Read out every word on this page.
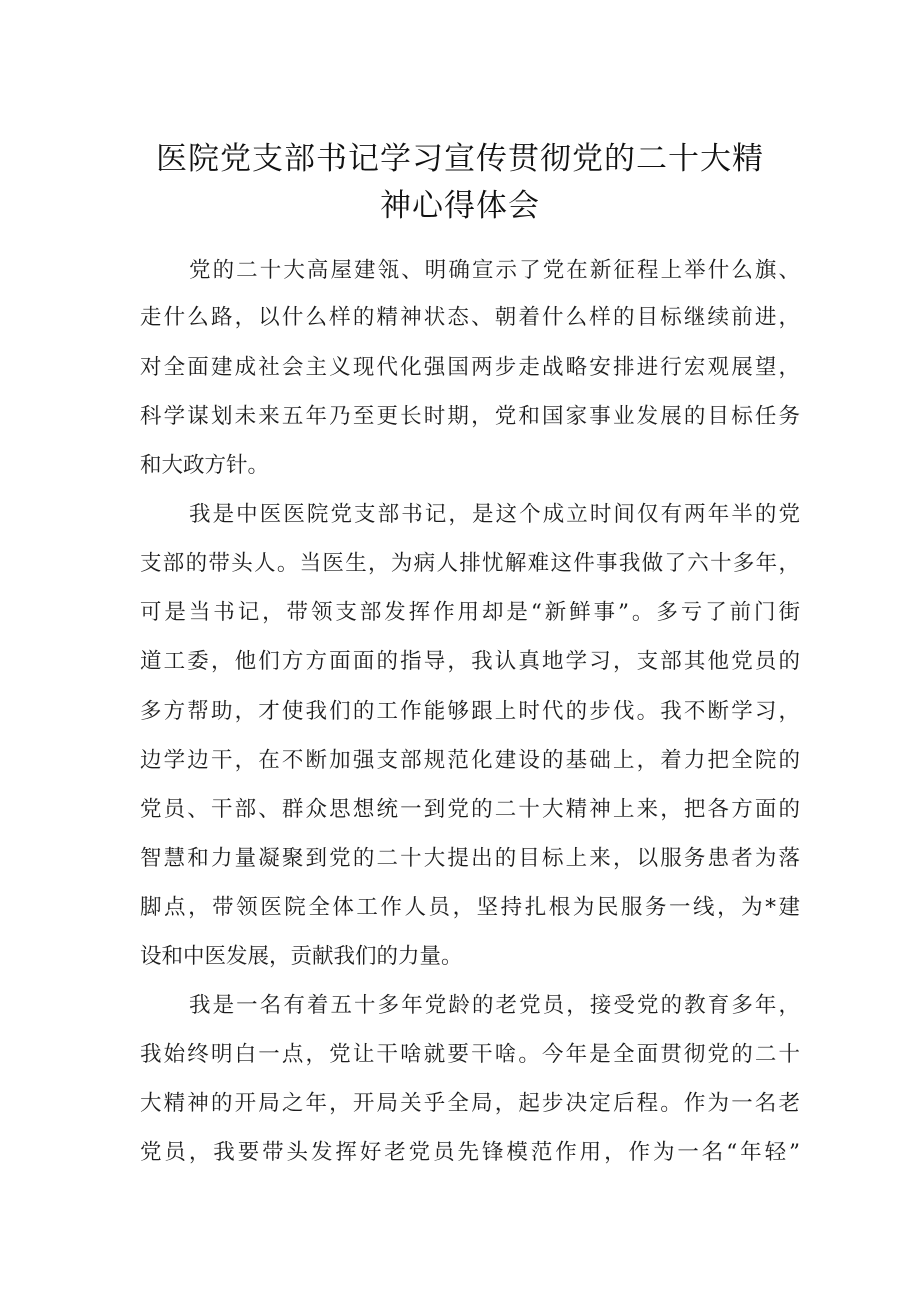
医院党支部书记学习宣传贯彻党的二十大精
神心得体会
党的二十大高屋建瓴、明确宣示了党在新征程上举什么旗、
走什么路，以什么样的精神状态、朝着什么样的目标继续前进，
对全面建成社会主义现代化强国两步走战略安排进行宏观展望，
科学谋划未来五年乃至更长时期，党和国家事业发展的目标任务
和大政方针。
我是中医医院党支部书记，是这个成立时间仅有两年半的党
支部的带头人。当医生，为病人排忧解难这件事我做了六十多年，
可是当书记，带领支部发挥作用却是“新鲜事”。多亏了前门街
道工委，他们方方面面的指导，我认真地学习，支部其他党员的
多方帮助，才使我们的工作能够跟上时代的步伐。我不断学习，
边学边干，在不断加强支部规范化建设的基础上，着力把全院的
党员、干部、群众思想统一到党的二十大精神上来，把各方面的
智慧和力量凝聚到党的二十大提出的目标上来，以服务患者为落
脚点，带领医院全体工作人员，坚持扎根为民服务一线，为*建
设和中医发展，贡献我们的力量。
我是一名有着五十多年党龄的老党员，接受党的教育多年，
我始终明白一点，党让干啥就要干啥。今年是全面贯彻党的二十
大精神的开局之年，开局关乎全局，起步决定后程。作为一名老
党员，我要带头发挥好老党员先锋模范作用，作为一名“年轻”
